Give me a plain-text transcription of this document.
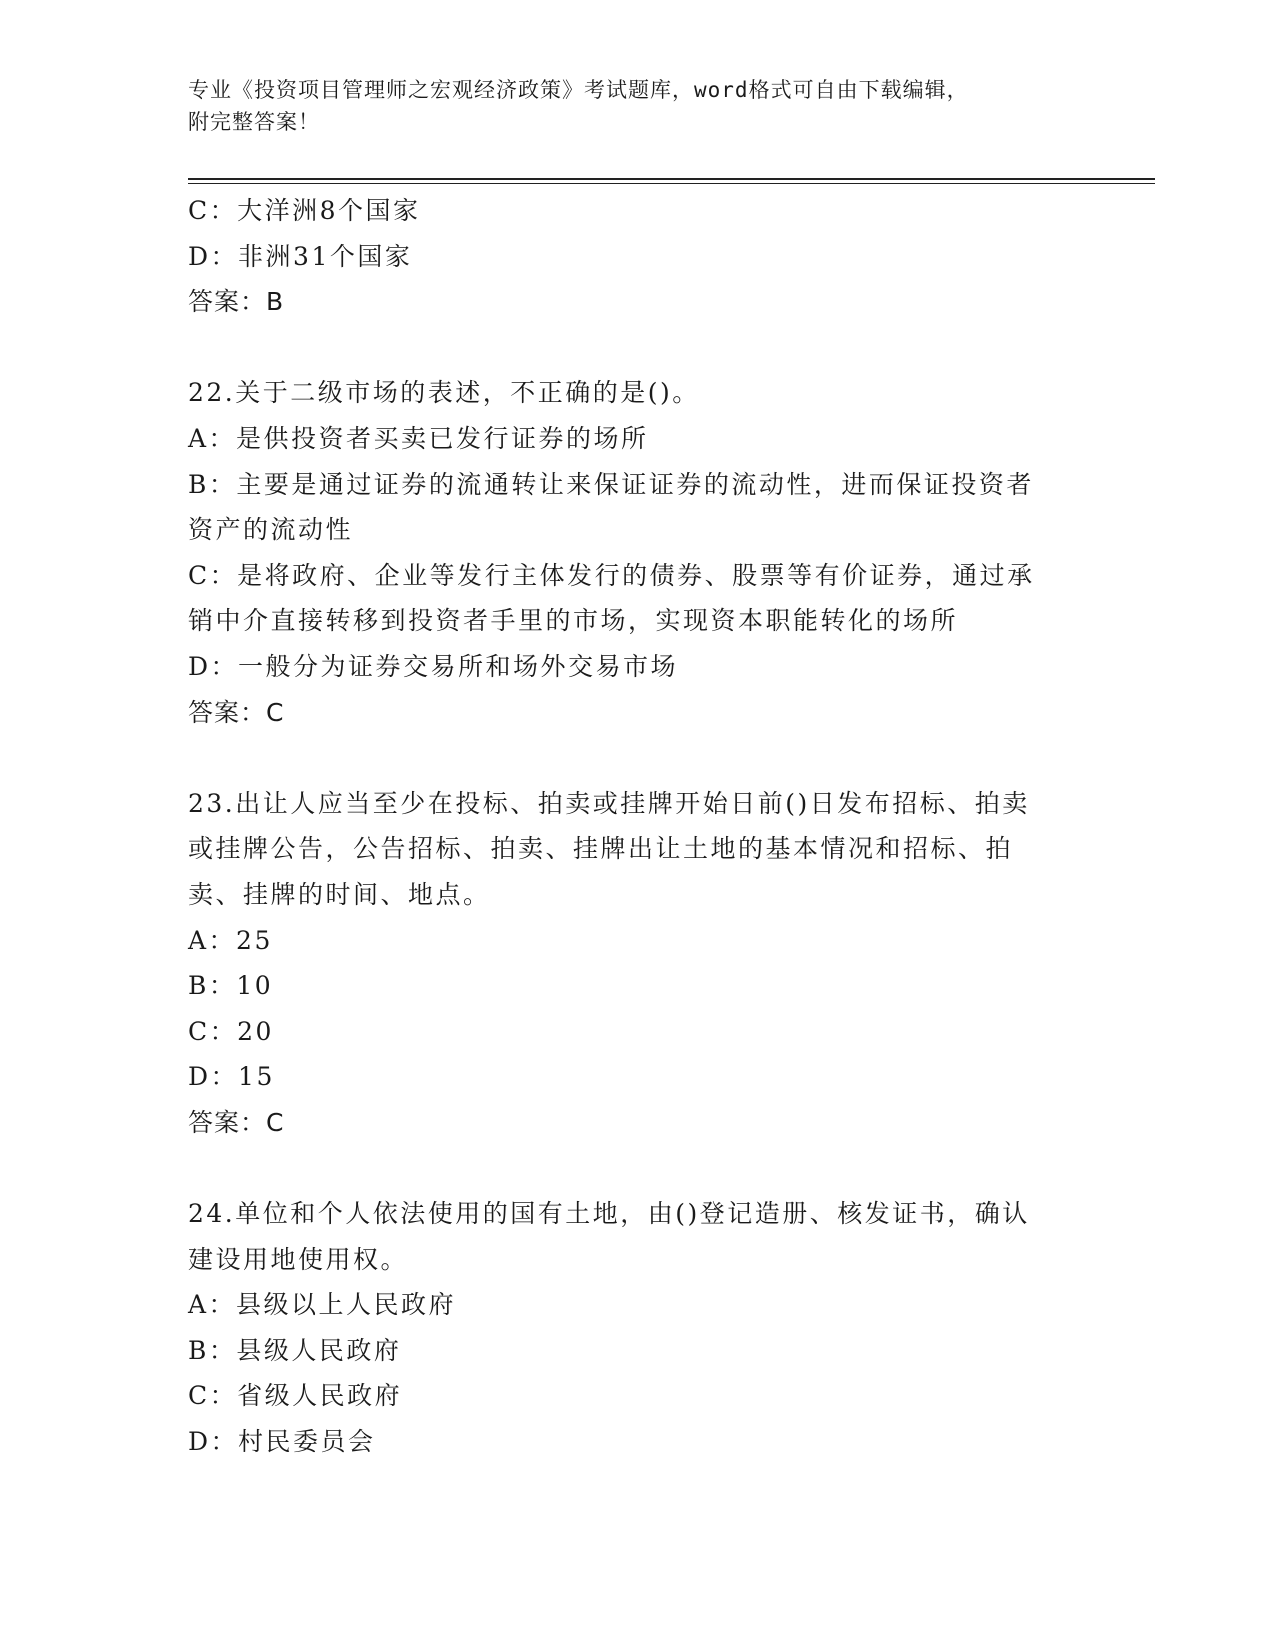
专业《投资项目管理师之宏观经济政策》考试题库，word格式可自由下载编辑，
附完整答案！
C：大洋洲8个国家
D：非洲31个国家
答案：B
22.关于二级市场的表述，不正确的是()。
A：是供投资者买卖已发行证券的场所
B：主要是通过证券的流通转让来保证证券的流动性，进而保证投资者
资产的流动性
C：是将政府、企业等发行主体发行的债券、股票等有价证券，通过承
销中介直接转移到投资者手里的市场，实现资本职能转化的场所
D：一般分为证券交易所和场外交易市场
答案：C
23.出让人应当至少在投标、拍卖或挂牌开始日前()日发布招标、拍卖
或挂牌公告，公告招标、拍卖、挂牌出让土地的基本情况和招标、拍
卖、挂牌的时间、地点。
A：25
B：10
C：20
D：15
答案：C
24.单位和个人依法使用的国有土地，由()登记造册、核发证书，确认
建设用地使用权。
A：县级以上人民政府
B：县级人民政府
C：省级人民政府
D：村民委员会
